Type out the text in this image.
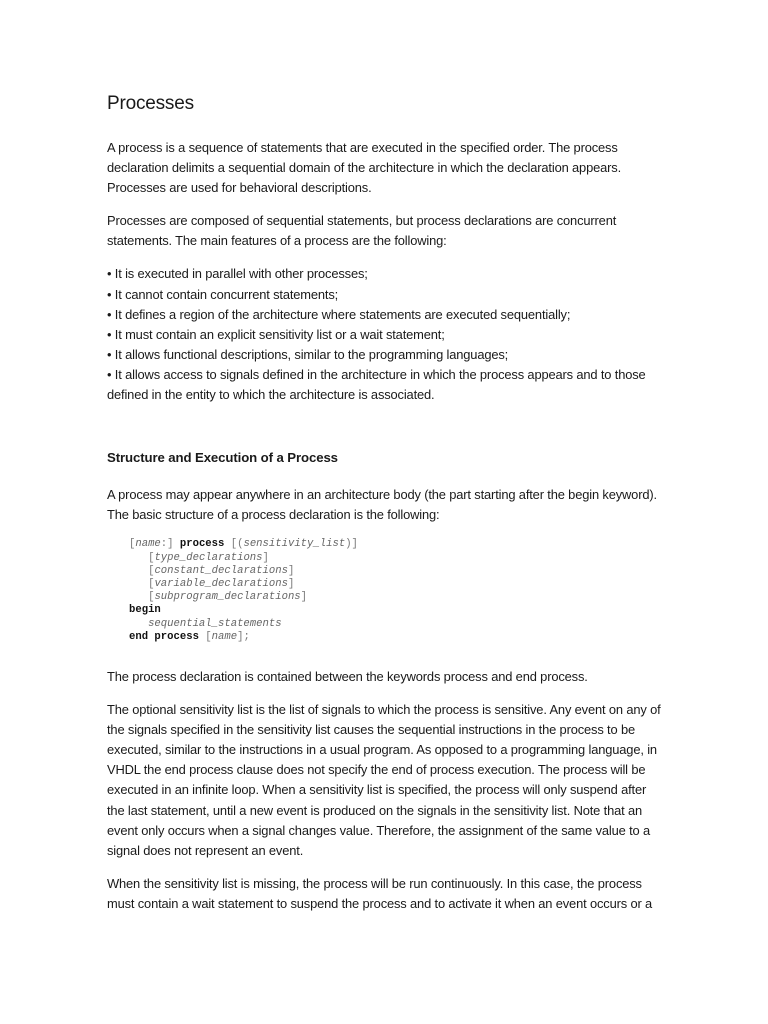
Processes

A process is a sequence of statements that are executed in the specified order. The process declaration delimits a sequential domain of the architecture in which the declaration appears. Processes are used for behavioral descriptions.

Processes are composed of sequential statements, but process declarations are concurrent statements. The main features of a process are the following:

• It is executed in parallel with other processes;
• It cannot contain concurrent statements;
• It defines a region of the architecture where statements are executed sequentially;
• It must contain an explicit sensitivity list or a wait statement;
• It allows functional descriptions, similar to the programming languages;
• It allows access to signals defined in the architecture in which the process appears and to those defined in the entity to which the architecture is associated.
Structure and Execution of a Process

A process may appear anywhere in an architecture body (the part starting after the begin keyword). The basic structure of a process declaration is the following:

[name:] process [(sensitivity_list)]
[type_declarations]
[constant_declarations]
[variable_declarations]
[subprogram_declarations]
begin
sequential_statements
end process [name];

The process declaration is contained between the keywords process and end process.

The optional sensitivity list is the list of signals to which the process is sensitive. Any event on any of the signals specified in the sensitivity list causes the sequential instructions in the process to be executed, similar to the instructions in a usual program. As opposed to a programming language, in VHDL the end process clause does not specify the end of process execution. The process will be executed in an infinite loop. When a sensitivity list is specified, the process will only suspend after the last statement, until a new event is produced on the signals in the sensitivity list. Note that an event only occurs when a signal changes value. Therefore, the assignment of the same value to a signal does not represent an event.

When the sensitivity list is missing, the process will be run continuously. In this case, the process must contain a wait statement to suspend the process and to activate it when an event occurs or a
